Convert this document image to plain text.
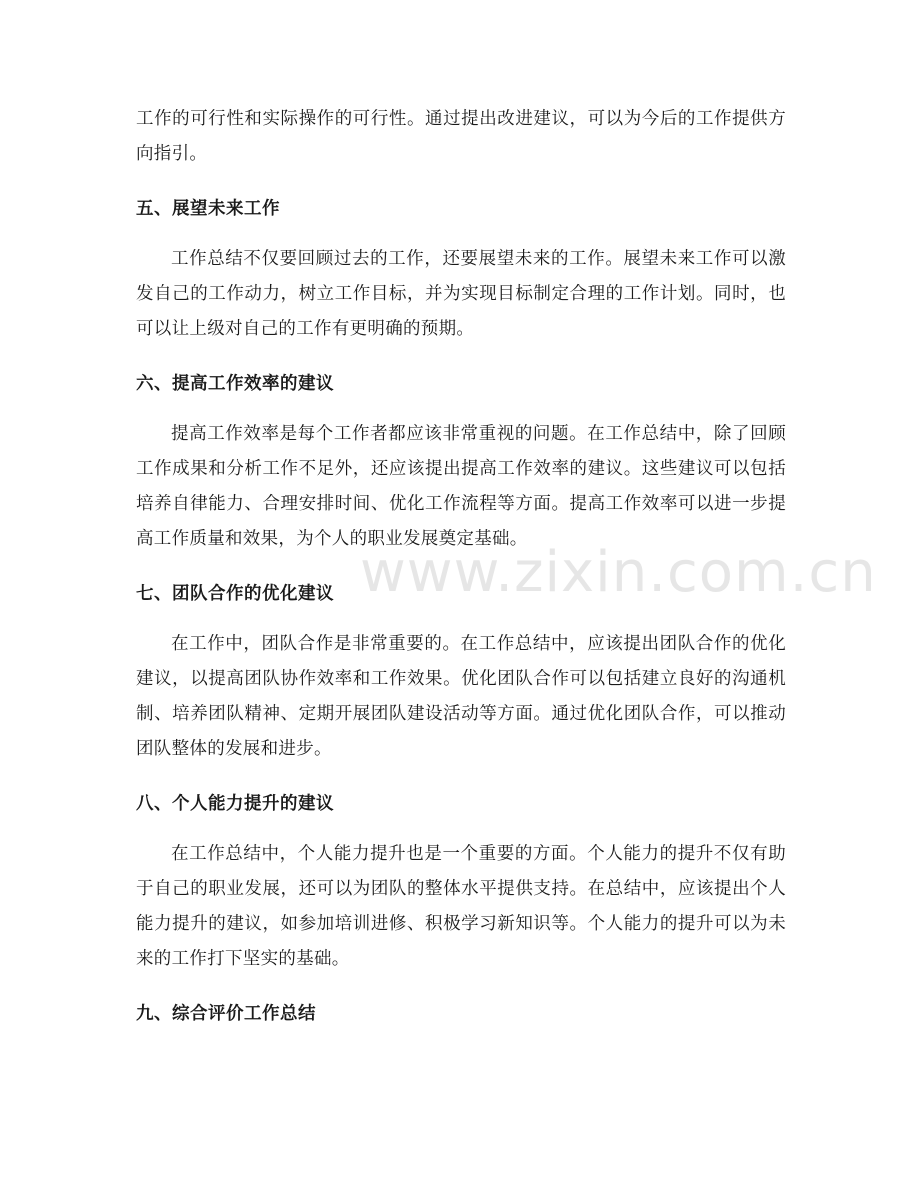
工作的可行性和实际操作的可行性。通过提出改进建议，可以为今后的工作提供方向指引。

五、展望未来工作

工作总结不仅要回顾过去的工作，还要展望未来的工作。展望未来工作可以激发自己的工作动力，树立工作目标，并为实现目标制定合理的工作计划。同时，也可以让上级对自己的工作有更明确的预期。

六、提高工作效率的建议

提高工作效率是每个工作者都应该非常重视的问题。在工作总结中，除了回顾工作成果和分析工作不足外，还应该提出提高工作效率的建议。这些建议可以包括培养自律能力、合理安排时间、优化工作流程等方面。提高工作效率可以进一步提高工作质量和效果，为个人的职业发展奠定基础。

七、团队合作的优化建议

在工作中，团队合作是非常重要的。在工作总结中，应该提出团队合作的优化建议，以提高团队协作效率和工作效果。优化团队合作可以包括建立良好的沟通机制、培养团队精神、定期开展团队建设活动等方面。通过优化团队合作，可以推动团队整体的发展和进步。

八、个人能力提升的建议

在工作总结中，个人能力提升也是一个重要的方面。个人能力的提升不仅有助于自己的职业发展，还可以为团队的整体水平提供支持。在总结中，应该提出个人能力提升的建议，如参加培训进修、积极学习新知识等。个人能力的提升可以为未来的工作打下坚实的基础。

九、综合评价工作总结
www.zixin.com.cn
